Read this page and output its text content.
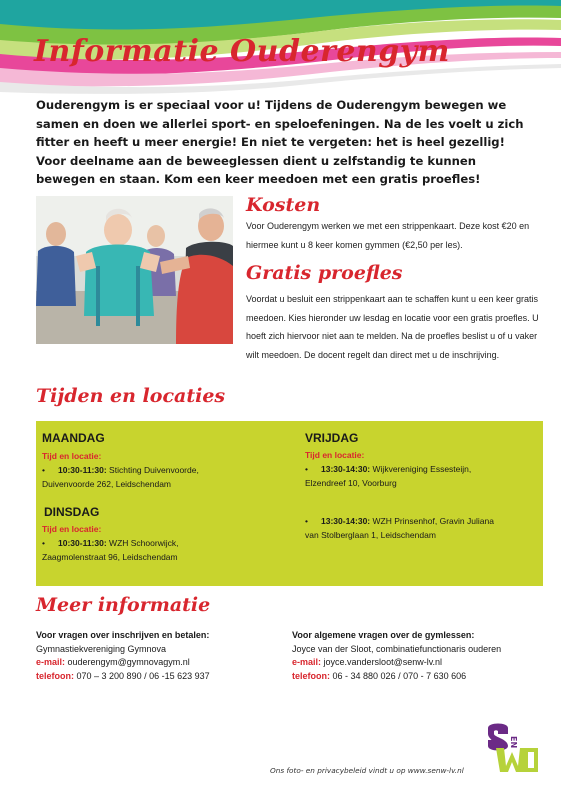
Informatie Ouderengym

Ouderengym is er speciaal voor u! Tijdens de Ouderengym bewegen we samen en doen we allerlei sport- en speloefeningen. Na de les voelt u zich fitter en heeft u meer energie! En niet te vergeten: het is heel gezellig! Voor deelname aan de beweeglessen dient u zelfstandig te kunnen bewegen en staan. Kom een keer meedoen met een gratis proefles!

Kosten

Voor Ouderengym werken we met een strippenkaart. Deze kost €20 en hiermee kunt u 8 keer komen gymmen (€2,50 per les).

Gratis proefles

Voordat u besluit een strippenkaart aan te schaffen kunt u een keer gratis meedoen. Kies hieronder uw lesdag en locatie voor een gratis proefles. U hoeft zich hiervoor niet aan te melden. Na de proefles beslist u of u vaker wilt meedoen. De docent regelt dan direct met u de inschrijving.

Tijden en locaties
MAANDAG
Tijd en locatie:
•	10:30-11:30: Stichting Duivenvoorde,
Duivenvoorde 262, Leidschendam
DINSDAG
Tijd en locatie:
•	10:30-11:30: WZH Schoorwijck,
Zaagmolenstraat 96, Leidschendam
VRIJDAG
Tijd en locatie:
•	13:30-14:30: Wijkvereniging Essesteijn,
Elzendreef 10, Voorburg
•	13:30-14:30: WZH Prinsenhof, Gravin Juliana
van Stolberglaan 1, Leidschendam
Meer informatie
Voor vragen over inschrijven en betalen:
Gymnastiekvereniging Gymnova
e-mail: ouderengym@gymnovagym.nl
telefoon: 070 – 3 200 890 / 06 -15 623 937
Voor algemene vragen over de gymlessen:
Joyce van der Sloot, combinatiefunctionaris ouderen
e-mail: joyce.vandersloot@senw-lv.nl
telefoon: 06 - 34 880 026 / 070 - 7 630 606
EN
Ons foto- en privacybeleid vindt u op www.senw-lv.nl
